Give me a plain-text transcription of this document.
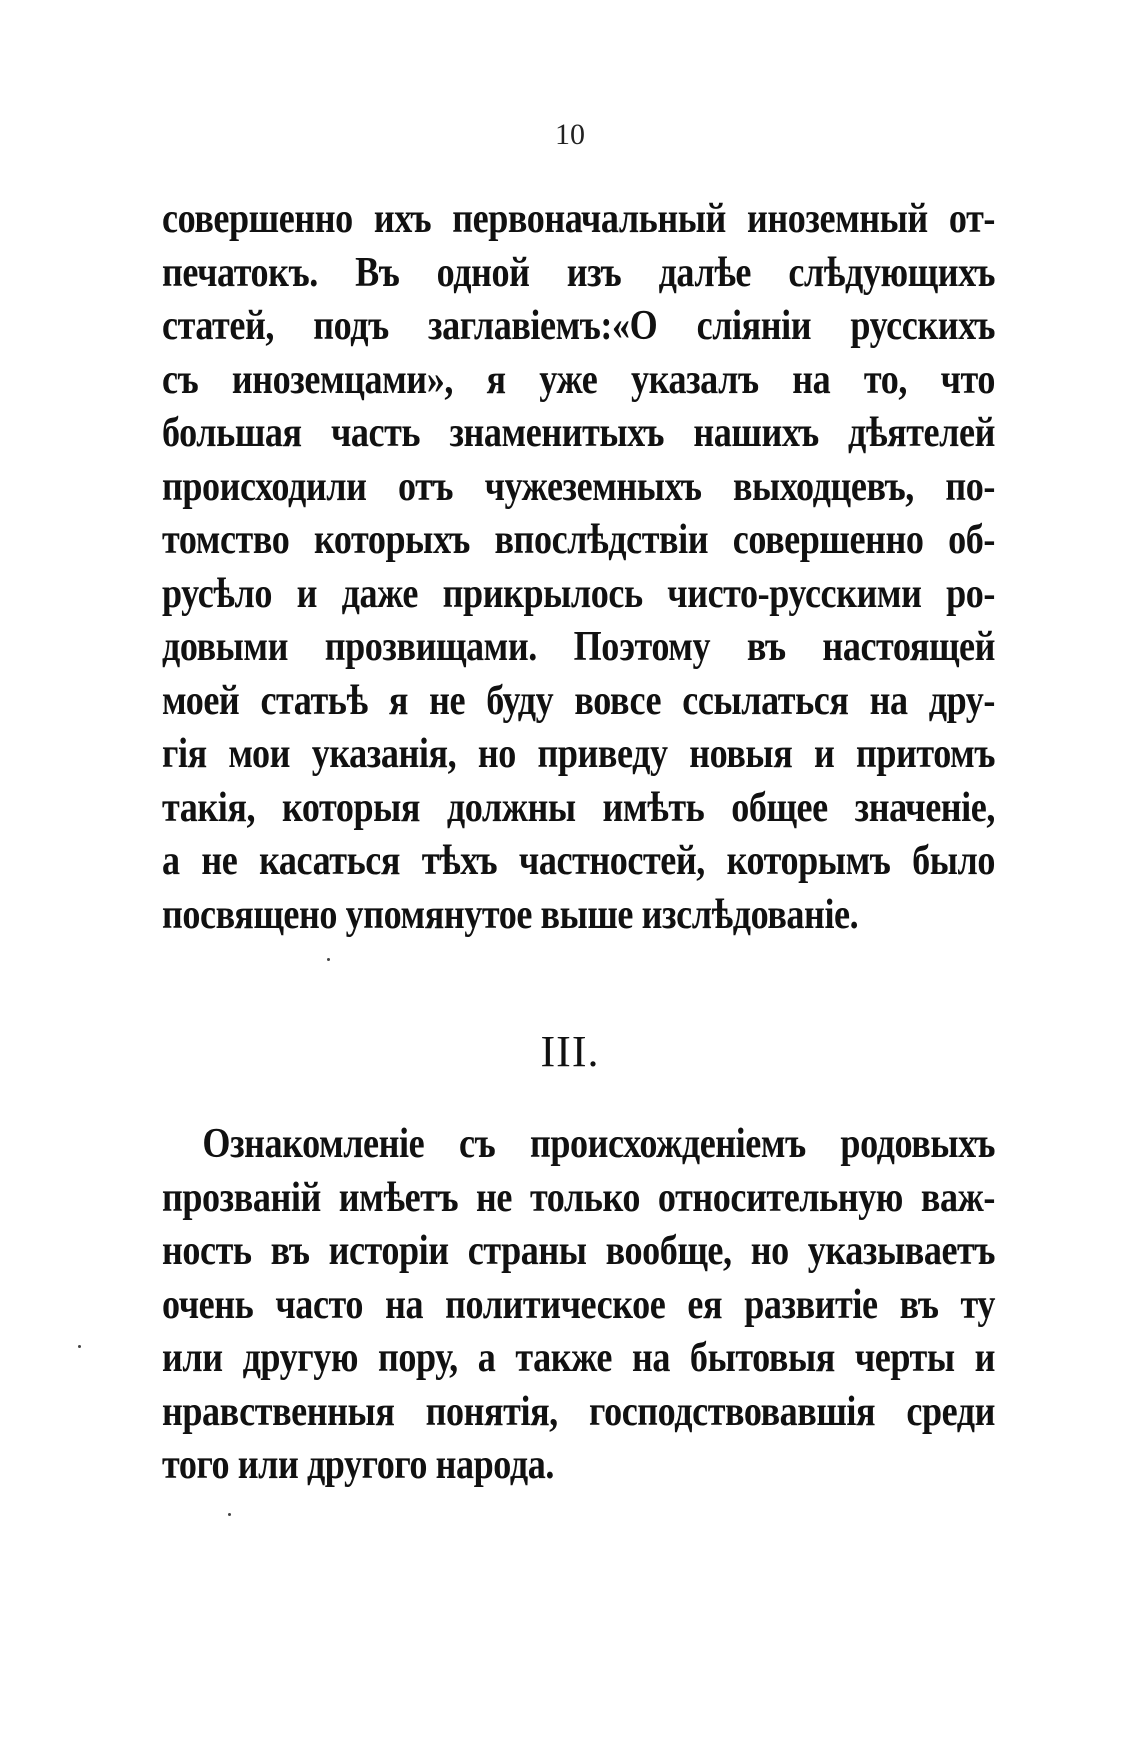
10
совершенно ихъ первоначальный иноземный от-
печатокъ. Въ одной изъ далѣе слѣдующихъ
статей, подъ заглавіемъ:«О сліяніи русскихъ
съ иноземцами», я уже указалъ на то, что
большая часть знаменитыхъ нашихъ дѣятелей
происходили отъ чужеземныхъ выходцевъ, по-
томство которыхъ впослѣдствіи совершенно об-
русѣло и даже прикрылось чисто-русскими ро-
довыми прозвищами. Поэтому въ настоящей
моей статьѣ я не буду вовсе ссылаться на дру-
гія мои указанія, но приведу новыя и притомъ
такія, которыя должны имѣть общее значеніе,
а не касаться тѣхъ частностей, которымъ было
посвящено упомянутое выше изслѣдованіе.
III.
Ознакомленіе съ происхожденіемъ родовыхъ
прозваній имѣетъ не только относительную важ-
ность въ исторіи страны вообще, но указываетъ
очень часто на политическое ея развитіе въ ту
или другую пору, а также на бытовыя черты и
нравственныя понятія, господствовавшія среди
того или другого народа.
